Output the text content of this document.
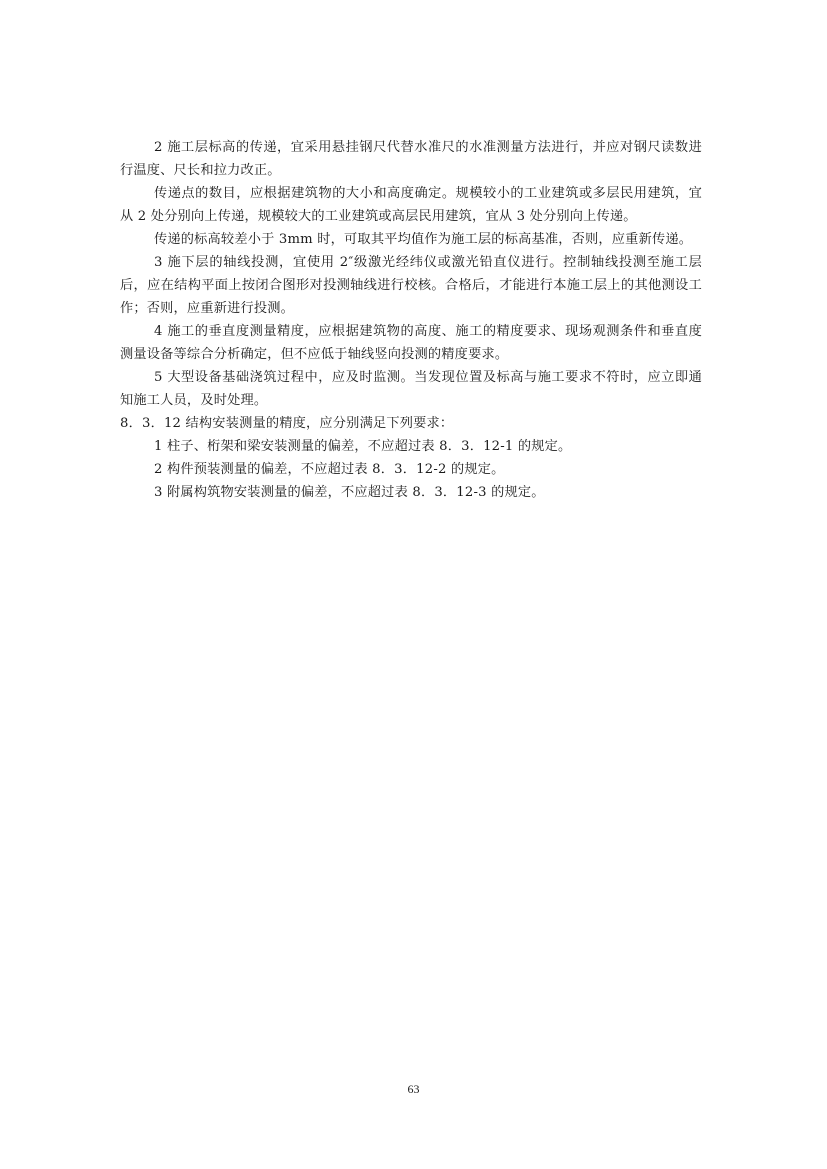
2 施工层标高的传递，宜采用悬挂钢尺代替水准尺的水准测量方法进行，并应对钢尺读数进行温度、尺长和拉力改正。

传递点的数目，应根据建筑物的大小和高度确定。规模较小的工业建筑或多层民用建筑，宜从 2 处分别向上传递，规模较大的工业建筑或高层民用建筑，宜从 3 处分别向上传递。

传递的标高较差小于 3mm 时，可取其平均值作为施工层的标高基准，否则，应重新传递。

3 施下层的轴线投测，宜使用 2″级激光经纬仪或激光铅直仪进行。控制轴线投测至施工层后，应在结构平面上按闭合图形对投测轴线进行校核。合格后，才能进行本施工层上的其他测设工作；否则，应重新进行投测。

4 施工的垂直度测量精度，应根据建筑物的高度、施工的精度要求、现场观测条件和垂直度测量设备等综合分析确定，但不应低于轴线竖向投测的精度要求。

5 大型设备基础浇筑过程中，应及时监测。当发现位置及标高与施工要求不符时，应立即通知施工人员，及时处理。

8．3．12 结构安装测量的精度，应分别满足下列要求：

1 柱子、桁架和梁安装测量的偏差，不应超过表 8．3．12-1 的规定。

2 构件预装测量的偏差，不应超过表 8．3．12-2 的规定。

3 附属构筑物安装测量的偏差，不应超过表 8．3．12-3 的规定。

63
